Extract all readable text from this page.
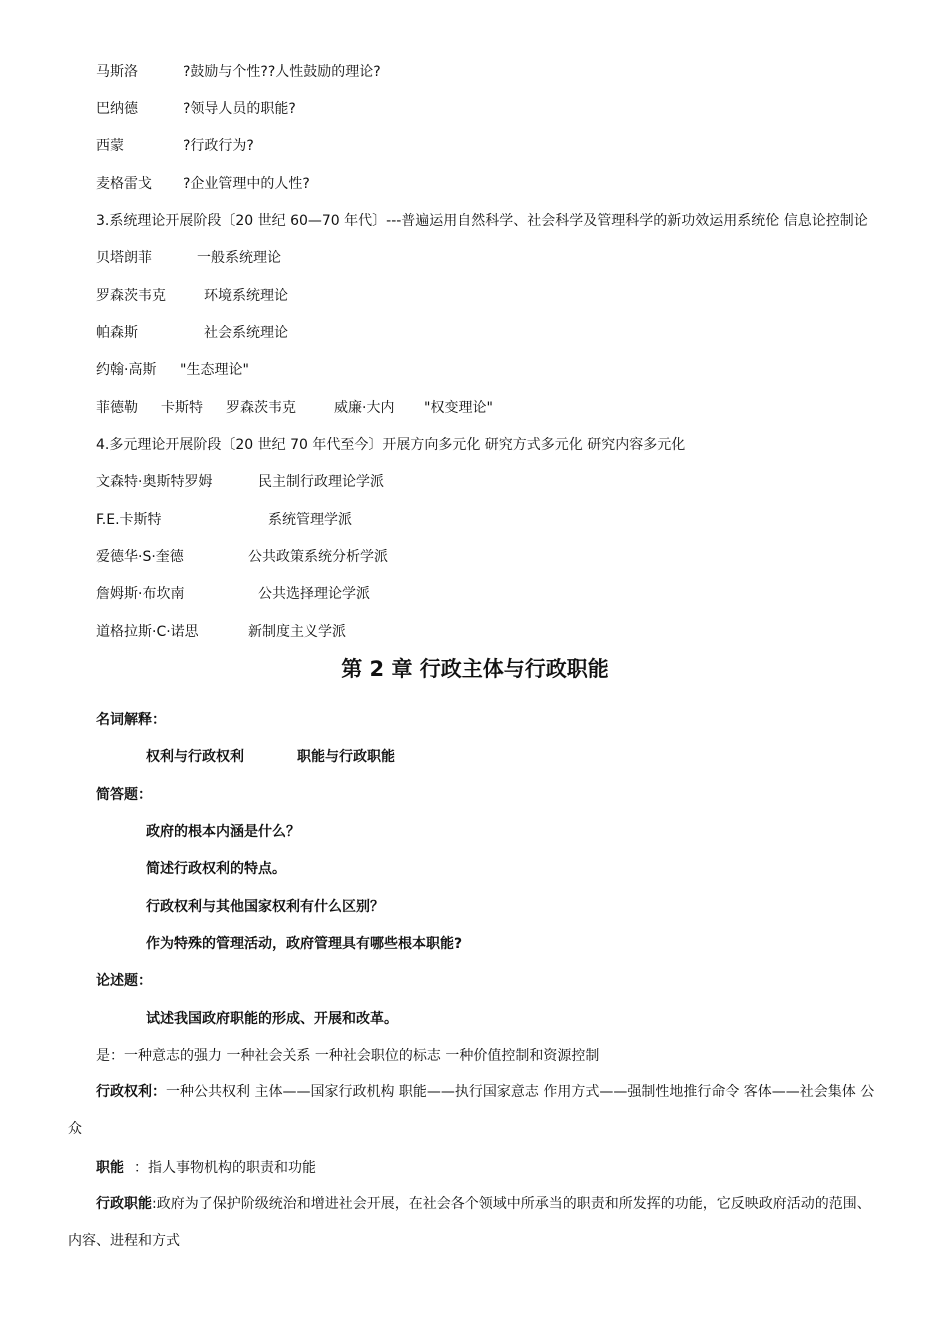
马斯洛	?鼓励与个性??人性鼓励的理论?
巴纳德	?领导人员的职能?
西蒙	?行政行为?
麦格雷戈 ?企业管理中的人性?
3.系统理论开展阶段〔20 世纪 60—70 年代〕---普遍运用自然科学、社会科学及管理科学的新功效运用系统伦 信息论控制论
贝塔朗菲	一般系统理论
罗森茨韦克	环境系统理论
帕森斯	社会系统理论
约翰·高斯 "生态理论"
菲德勒 卡斯特 罗森茨韦克	威廉·大内 "权变理论"
4.多元理论开展阶段〔20 世纪 70 年代至今〕开展方向多元化 研究方式多元化 研究内容多元化
文森特·奥斯特罗姆	民主制行政理论学派
F.E.卡斯特	系统管理学派
爱德华·S·奎德	公共政策系统分析学派
詹姆斯·布坎南	公共选择理论学派
道格拉斯·C·诺思	新制度主义学派
第 2 章 行政主体与行政职能
名词解释：
权利与行政权利	职能与行政职能
简答题：
政府的根本内涵是什么？
简述行政权利的特点。
行政权利与其他国家权利有什么区别？
作为特殊的管理活动，政府管理具有哪些根本职能?
论述题：
试述我国政府职能的形成、开展和改革。
是：一种意志的强力 一种社会关系 一种社会职位的标志 一种价值控制和资源控制
行政权利：一种公共权利 主体——国家行政机构 职能——执行国家意志 作用方式——强制性地推行命令 客体——社会集体 公众
职能 ：指人事物机构的职责和功能
行政职能:政府为了保护阶级统治和增进社会开展，在社会各个领域中所承当的职责和所发挥的功能，它反映政府活动的范围、内容、进程和方式
